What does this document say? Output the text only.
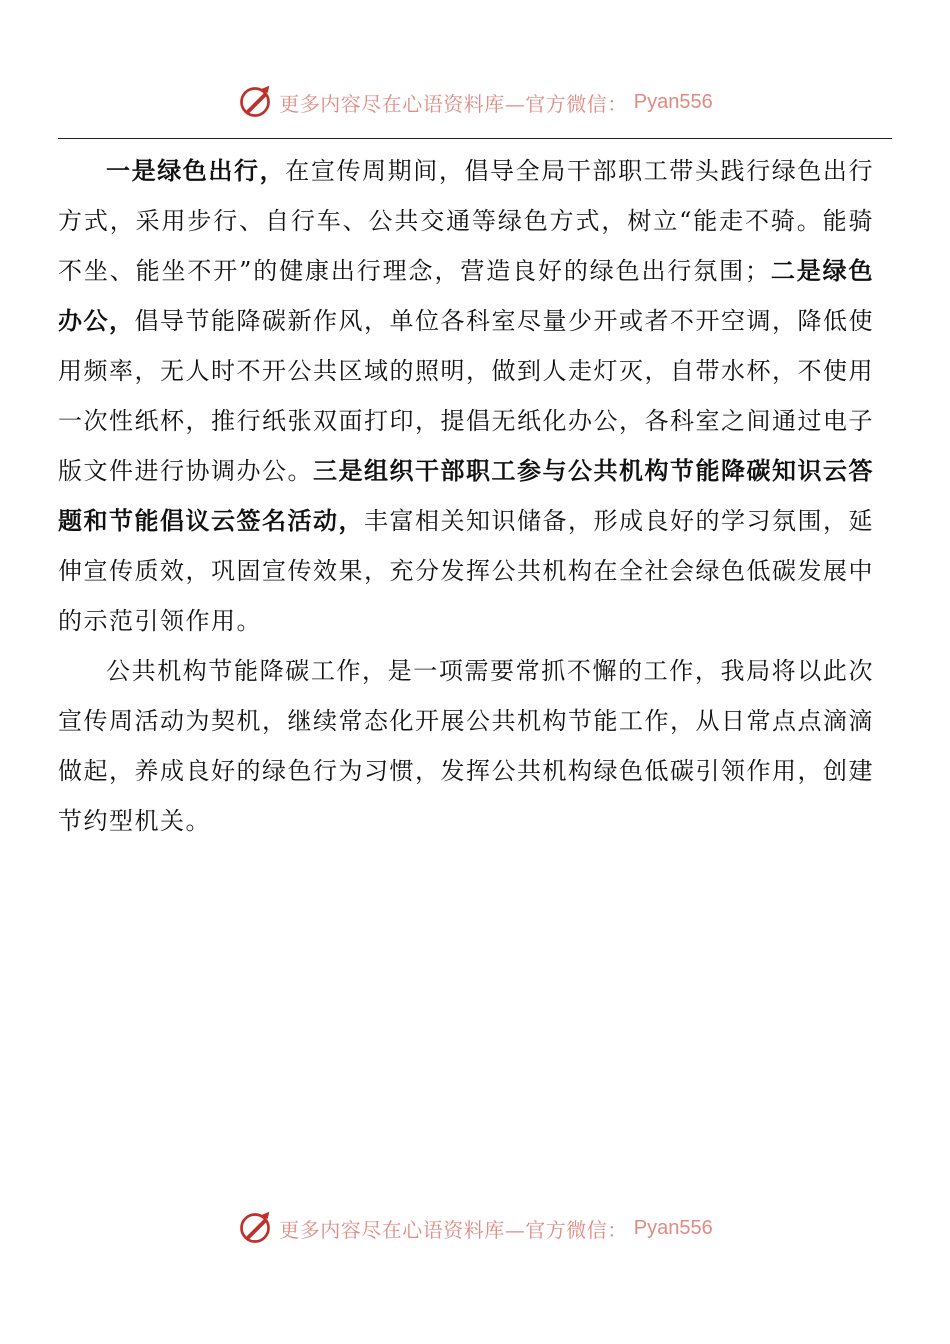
更多内容尽在心语资料库—官方微信： Pyan556

一是绿色出行，在宣传周期间，倡导全局干部职工带头践行绿色出行方式，采用步行、自行车、公共交通等绿色方式，树立“能走不骑。能骑不坐、能坐不开”的健康出行理念，营造良好的绿色出行氛围；二是绿色办公，倡导节能降碳新作风，单位各科室尽量少开或者不开空调，降低使用频率，无人时不开公共区域的照明，做到人走灯灭，自带水杯，不使用一次性纸杯，推行纸张双面打印，提倡无纸化办公，各科室之间通过电子版文件进行协调办公。三是组织干部职工参与公共机构节能降碳知识云答题和节能倡议云签名活动，丰富相关知识储备，形成良好的学习氛围，延伸宣传质效，巩固宣传效果，充分发挥公共机构在全社会绿色低碳发展中的示范引领作用。

公共机构节能降碳工作，是一项需要常抓不懈的工作，我局将以此次宣传周活动为契机，继续常态化开展公共机构节能工作，从日常点点滴滴做起，养成良好的绿色行为习惯，发挥公共机构绿色低碳引领作用，创建节约型机关。

更多内容尽在心语资料库—官方微信： Pyan556
